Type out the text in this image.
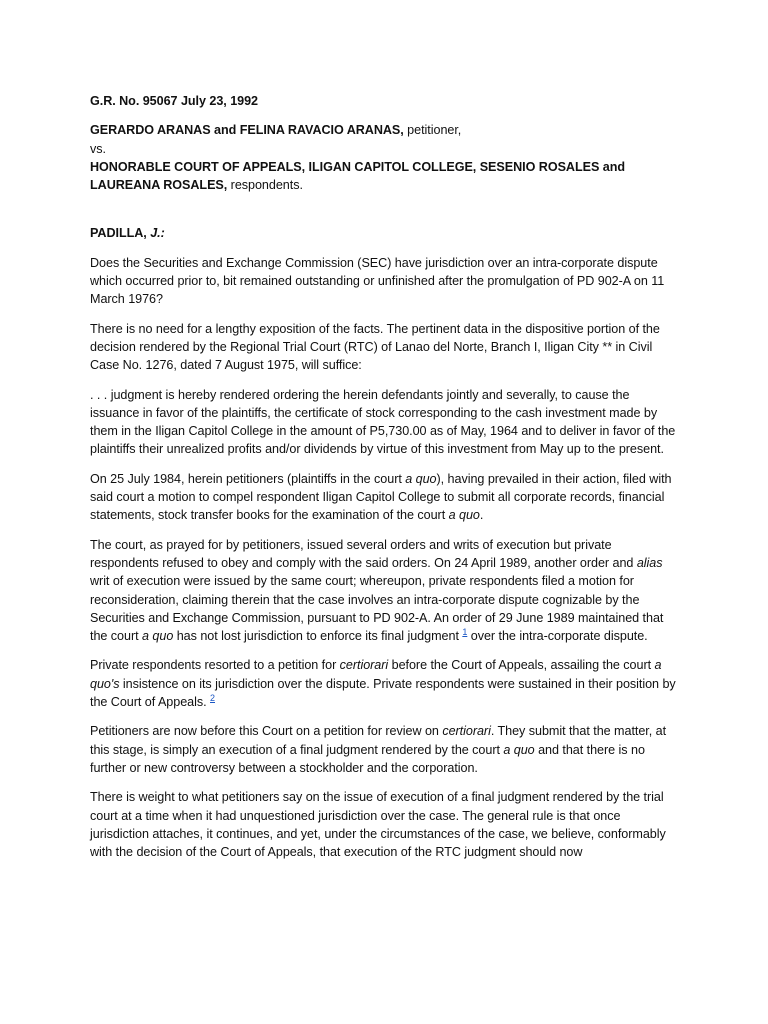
G.R. No. 95067 July 23, 1992

GERARDO ARANAS and FELINA RAVACIO ARANAS, petitioner,

vs.

HONORABLE COURT OF APPEALS, ILIGAN CAPITOL COLLEGE, SESENIO ROSALES and LAUREANA ROSALES, respondents.

PADILLA, J.:

Does the Securities and Exchange Commission (SEC) have jurisdiction over an intra-corporate dispute which occurred prior to, bit remained outstanding or unfinished after the promulgation of PD 902-A on 11 March 1976?

There is no need for a lengthy exposition of the facts. The pertinent data in the dispositive portion of the decision rendered by the Regional Trial Court (RTC) of Lanao del Norte, Branch I, Iligan City ** in Civil Case No. 1276, dated 7 August 1975, will suffice:

. . . judgment is hereby rendered ordering the herein defendants jointly and severally, to cause the issuance in favor of the plaintiffs, the certificate of stock corresponding to the cash investment made by them in the Iligan Capitol College in the amount of P5,730.00 as of May, 1964 and to deliver in favor of the plaintiffs their unrealized profits and/or dividends by virtue of this investment from May up to the present.

On 25 July 1984, herein petitioners (plaintiffs in the court a quo), having prevailed in their action, filed with said court a motion to compel respondent Iligan Capitol College to submit all corporate records, financial statements, stock transfer books for the examination of the court a quo.

The court, as prayed for by petitioners, issued several orders and writs of execution but private respondents refused to obey and comply with the said orders. On 24 April 1989, another order and alias writ of execution were issued by the same court; whereupon, private respondents filed a motion for reconsideration, claiming therein that the case involves an intra-corporate dispute cognizable by the Securities and Exchange Commission, pursuant to PD 902-A. An order of 29 June 1989 maintained that the court a quo has not lost jurisdiction to enforce its final judgment $^1$ over the intra-corporate dispute.

Private respondents resorted to a petition for certiorari before the Court of Appeals, assailing the court a quo's insistence on its jurisdiction over the dispute. Private respondents were sustained in their position by the Court of Appeals. $^2$

Petitioners are now before this Court on a petition for review on certiorari. They submit that the matter, at this stage, is simply an execution of a final judgment rendered by the court a quo and that there is no further or new controversy between a stockholder and the corporation.

There is weight to what petitioners say on the issue of execution of a final judgment rendered by the trial court at a time when it had unquestioned jurisdiction over the case. The general rule is that once jurisdiction attaches, it continues, and yet, under the circumstances of the case, we believe, conformably with the decision of the Court of Appeals, that execution of the RTC judgment should now
